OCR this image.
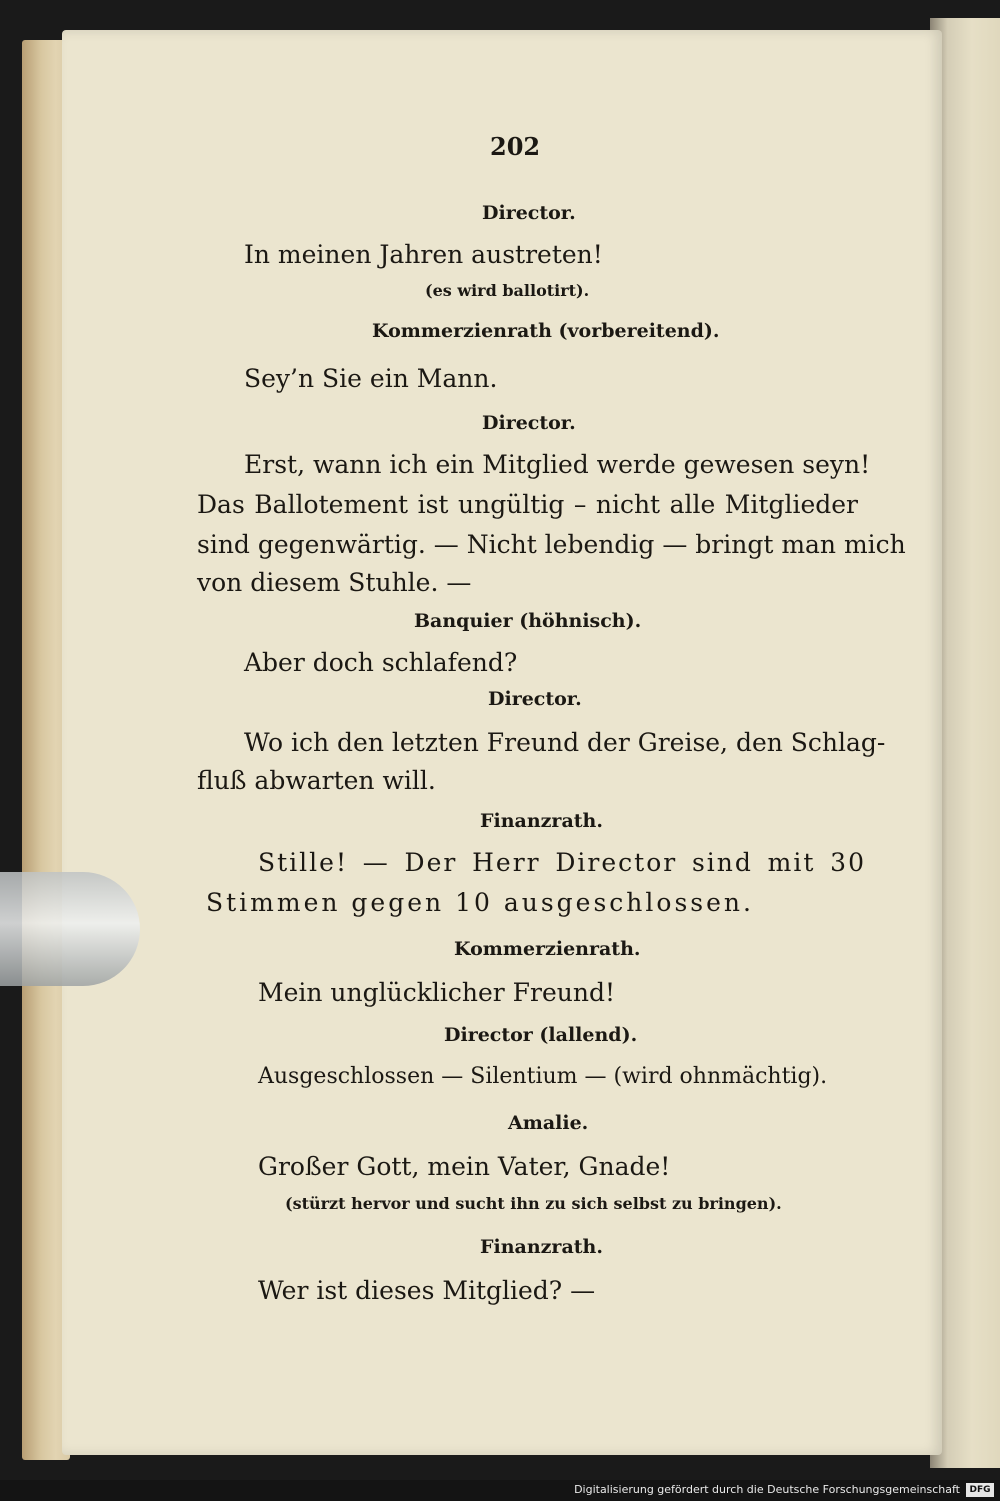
202
Director.
In meinen Jahren austreten!
(es wird ballotirt).
Kommerzienrath (vorbereitend).
Sey’n Sie ein Mann.
Director.
Erst, wann ich ein Mitglied werde gewesen seyn!
Das Ballotement ist ungültig – nicht alle Mitglieder
sind gegenwärtig. — Nicht lebendig — bringt man mich
von diesem Stuhle. —
Banquier (höhnisch).
Aber doch schlafend?
Director.
Wo ich den letzten Freund der Greise, den Schlag-
fluß abwarten will.
Finanzrath.
Stille! — Der Herr Director sind mit 30
Stimmen gegen 10 ausgeschlossen.
Kommerzienrath.
Mein unglücklicher Freund!
Director (lallend).
Ausgeschlossen — Silentium — (wird ohnmächtig).
Amalie.
Großer Gott, mein Vater, Gnade!
(stürzt hervor und sucht ihn zu sich selbst zu bringen).
Finanzrath.
Wer ist dieses Mitglied? —
Digitalisierung gefördert durch die Deutsche Forschungsgemeinschaft	DFG
